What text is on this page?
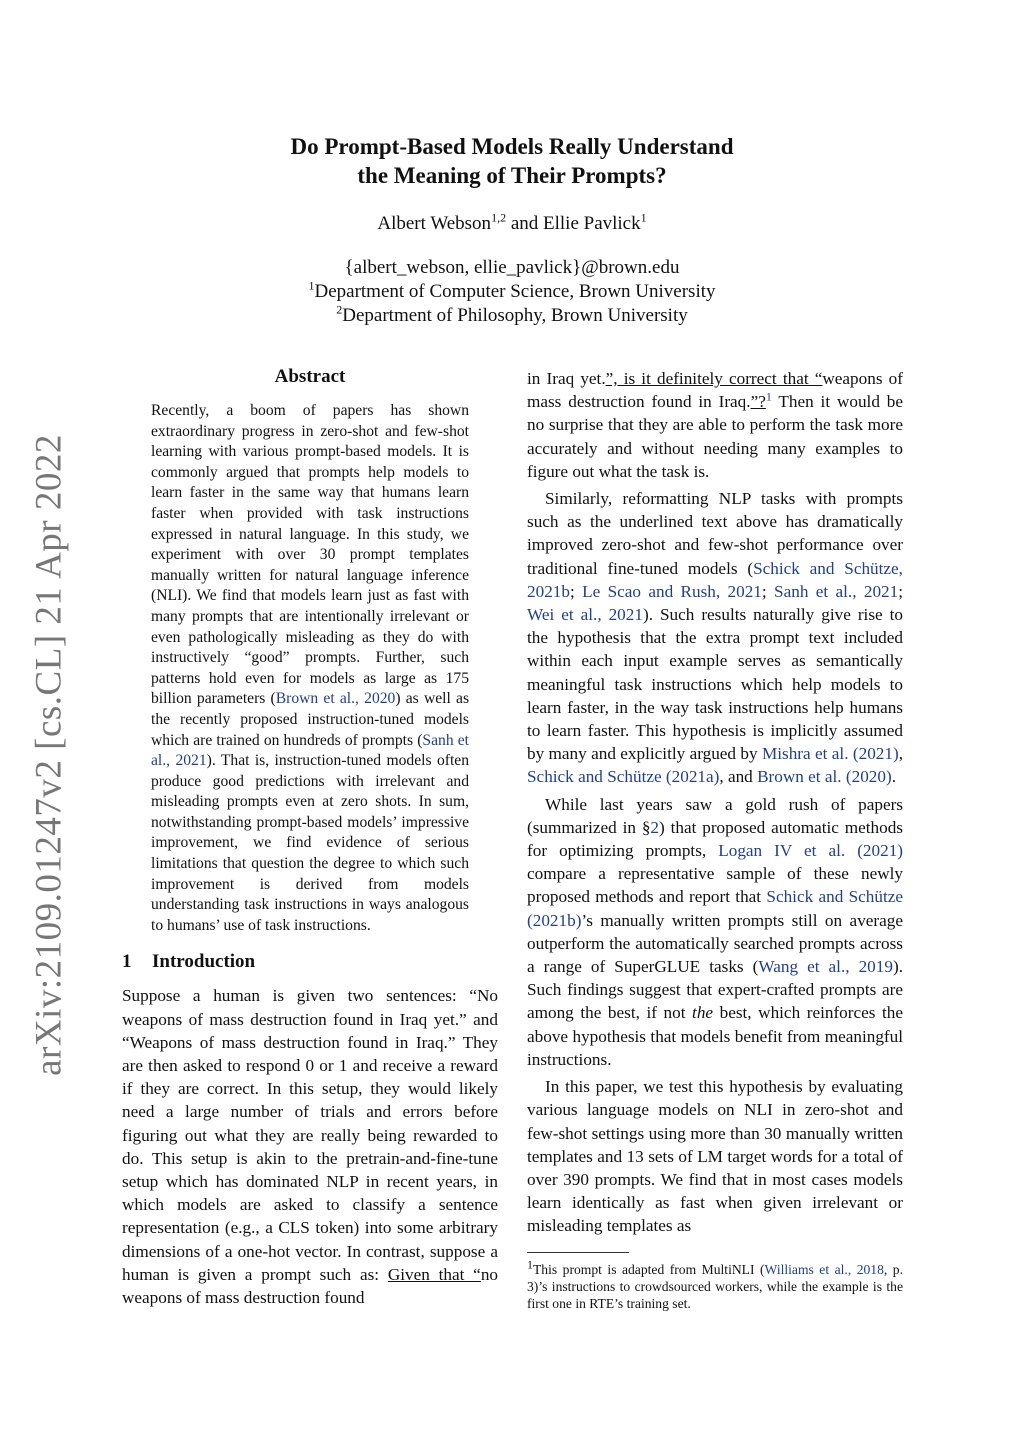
arXiv:2109.01247v2 [cs.CL] 21 Apr 2022
Do Prompt-Based Models Really Understand
the Meaning of Their Prompts?
Albert Webson$^{1,2}$ and Ellie Pavlick$^1$
{albert_webson, ellie_pavlick}@brown.edu
$^1$Department of Computer Science, Brown University
$^2$Department of Philosophy, Brown University
Abstract
Recently, a boom of papers has shown extraordinary progress in zero-shot and few-shot learning with various prompt-based models. It is commonly argued that prompts help models to learn faster in the same way that humans learn faster when provided with task instructions expressed in natural language. In this study, we experiment with over 30 prompt templates manually written for natural language inference (NLI). We find that models learn just as fast with many prompts that are intentionally irrelevant or even pathologically misleading as they do with instructively “good” prompts. Further, such patterns hold even for models as large as 175 billion parameters (Brown et al., 2020) as well as the recently proposed instruction-tuned models which are trained on hundreds of prompts (Sanh et al., 2021). That is, instruction-tuned models often produce good predictions with irrelevant and misleading prompts even at zero shots. In sum, notwithstanding prompt-based models’ impressive improvement, we find evidence of serious limitations that question the degree to which such improvement is derived from models understanding task instructions in ways analogous to humans’ use of task instructions.
1 Introduction

Suppose a human is given two sentences: “No weapons of mass destruction found in Iraq yet.” and “Weapons of mass destruction found in Iraq.” They are then asked to respond 0 or 1 and receive a reward if they are correct. In this setup, they would likely need a large number of trials and errors before figuring out what they are really being rewarded to do. This setup is akin to the pretrain-and-fine-tune setup which has dominated NLP in recent years, in which models are asked to classify a sentence representation (e.g., a CLS token) into some arbitrary dimensions of a one-hot vector. In contrast, suppose a human is given a prompt such as: Given that “no weapons of mass destruction found

in Iraq yet.”, is it definitely correct that “weapons of mass destruction found in Iraq.”?$^1$ Then it would be no surprise that they are able to perform the task more accurately and without needing many examples to figure out what the task is.

Similarly, reformatting NLP tasks with prompts such as the underlined text above has dramatically improved zero-shot and few-shot performance over traditional fine-tuned models (Schick and Schütze, 2021b; Le Scao and Rush, 2021; Sanh et al., 2021; Wei et al., 2021). Such results naturally give rise to the hypothesis that the extra prompt text included within each input example serves as semantically meaningful task instructions which help models to learn faster, in the way task instructions help humans to learn faster. This hypothesis is implicitly assumed by many and explicitly argued by Mishra et al. (2021), Schick and Schütze (2021a), and Brown et al. (2020).

While last years saw a gold rush of papers (summarized in §2) that proposed automatic methods for optimizing prompts, Logan IV et al. (2021) compare a representative sample of these newly proposed methods and report that Schick and Schütze (2021b)’s manually written prompts still on average outperform the automatically searched prompts across a range of SuperGLUE tasks (Wang et al., 2019). Such findings suggest that expert-crafted prompts are among the best, if not the best, which reinforces the above hypothesis that models benefit from meaningful instructions.

In this paper, we test this hypothesis by evaluating various language models on NLI in zero-shot and few-shot settings using more than 30 manually written templates and 13 sets of LM target words for a total of over 390 prompts. We find that in most cases models learn identically as fast when given irrelevant or misleading templates as

$^1$This prompt is adapted from MultiNLI (Williams et al., 2018, p. 3)’s instructions to crowdsourced workers, while the example is the first one in RTE’s training set.
